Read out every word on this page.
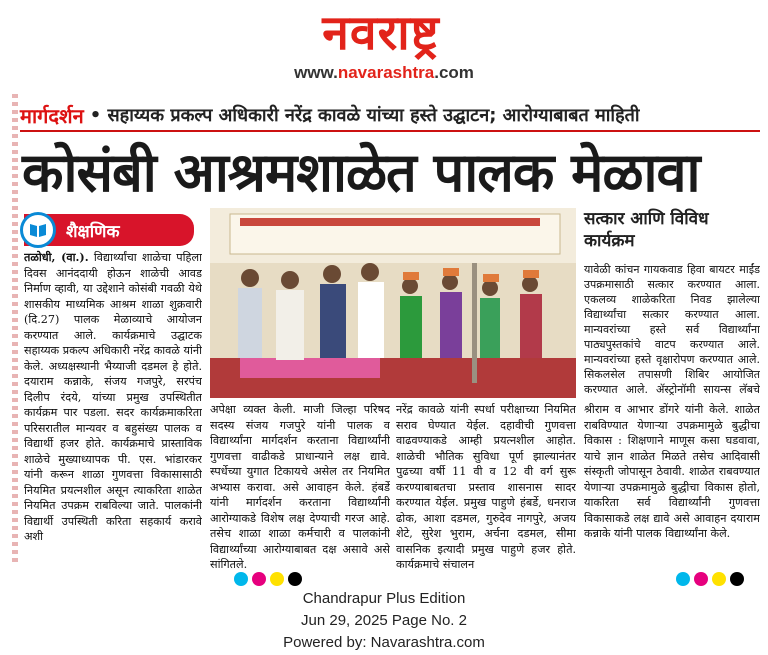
नवराष्ट्र
www.navarashtra.com
मार्गदर्शन • सहाय्यक प्रकल्प अधिकारी नरेंद्र कावळे यांच्या हस्ते उद्घाटन; आरोग्याबाबत माहिती
कोसंबी आश्रमशाळेत पालक मेळावा
शैक्षणिक
तळोधी, (वा.). विद्यार्थ्यांचा शाळेचा पहिला दिवस आनंददायी होऊन शाळेची आवड निर्माण व्हावी, या उद्देशाने कोसंबी गवळी येथे शासकीय माध्यमिक आश्रम शाळा शुक्रवारी (दि.27) पालक मेळाव्याचे आयोजन करण्यात आले. कार्यक्रमाचे उद्घाटक सहाय्यक प्रकल्प अधिकारी नरेंद्र कावळे यांनी केले. अध्यक्षस्थानी भैय्याजी दडमल हे होते. दयाराम कन्नाके, संजय गजपुरे, सरपंच दिलीप रंदये, यांच्या प्रमुख उपस्थितीत कार्यक्रम पार पडला. सदर कार्यक्रमाकरिता परिसरातील मान्यवर व बहुसंख्य पालक व विद्यार्थी हजर होते. कार्यक्रमाचे प्रास्ताविक शाळेचे मुख्याध्यापक पी. एस. भांडारकर यांनी करून शाळा गुणवत्ता विकासासाठी नियमित प्रयत्नशील असून त्याकरिता शाळेत नियमित उपक्रम राबविल्या जाते. पालकांनी विद्यार्थी उपस्थिती करिता सहकार्य करावे अशी
सत्कार आणि विविध कार्यक्रम
यावेळी कांचन गायकवाड हिवा बायटर माईंड उपक्रमासाठी सत्कार करण्यात आला. एकलव्य शाळेकरिता निवड झालेल्या विद्यार्थ्यांचा सत्कार करण्यात आला. मान्यवरांच्या हस्ते सर्व विद्यार्थ्यांना पाठ्यपुस्तकांचे वाटप करण्यात आले. मान्यवरांच्या हस्ते वृक्षारोपण करण्यात आले. सिकलसेल तपासणी शिबिर आयोजित करण्यात आले. ॲस्ट्रोनॉमी सायन्स लॅबचे
अपेक्षा व्यक्त केली. माजी जिल्हा परिषद सदस्य संजय गजपुरे यांनी पालक व विद्यार्थ्यांना मार्गदर्शन करताना विद्यार्थ्यांनी गुणवत्ता वाढीकडे प्राधान्याने लक्ष द्यावे. स्पर्धेच्या युगात टिकायचे असेल तर नियमित अभ्यास करावा. असे आवाहन केले. हंबर्डे यांनी मार्गदर्शन करताना विद्यार्थ्यांनी आरोग्याकडे विशेष लक्ष देण्याची गरज आहे. तसेच शाळा शाळा कर्मचारी व पालकांनी विद्यार्थ्यांच्या आरोग्याबाबत दक्ष असावे असे सांगितले.
नरेंद्र कावळे यांनी स्पर्धा परीक्षाच्या नियमित सराव घेण्यात येईल. दहावीची गुणवत्ता वाढवण्याकडे आम्ही प्रयत्नशील आहोत. शाळेची भौतिक सुविधा पूर्ण झाल्यानंतर पुढच्या वर्षी 11 वी व 12 वी वर्ग सुरू करण्याबाबतचा प्रस्ताव शासनास सादर करण्यात येईल. प्रमुख पाहुणे हंबर्डे, धनराज ढोक, आशा दडमल, गुरुदेव नागपुरे, अजय शेटे, सुरेश भुराम, अर्चना दडमल, सीमा वासनिक इत्यादी प्रमुख पाहुणे हजर होते. कार्यक्रमाचे संचालन
श्रीराम व आभार डोंगरे यांनी केले. शाळेत राबविण्यात येणाऱ्या उपक्रमामुळे बुद्धीचा विकास : शिक्षणाने माणूस कसा घडवावा, याचे ज्ञान शाळेत मिळते तसेच आदिवासी संस्कृती जोपासून ठेवावी. शाळेत राबवण्यात येणाऱ्या उपक्रमामुळे बुद्धीचा विकास होतो, याकरिता सर्व विद्यार्थ्यांनी गुणवत्ता विकासाकडे लक्ष द्यावे असे आवाहन दयाराम कन्नाके यांनी पालक विद्यार्थ्यांना केले.
Chandrapur Plus Edition
Jun 29, 2025 Page No. 2
Powered by: Navarashtra.com
